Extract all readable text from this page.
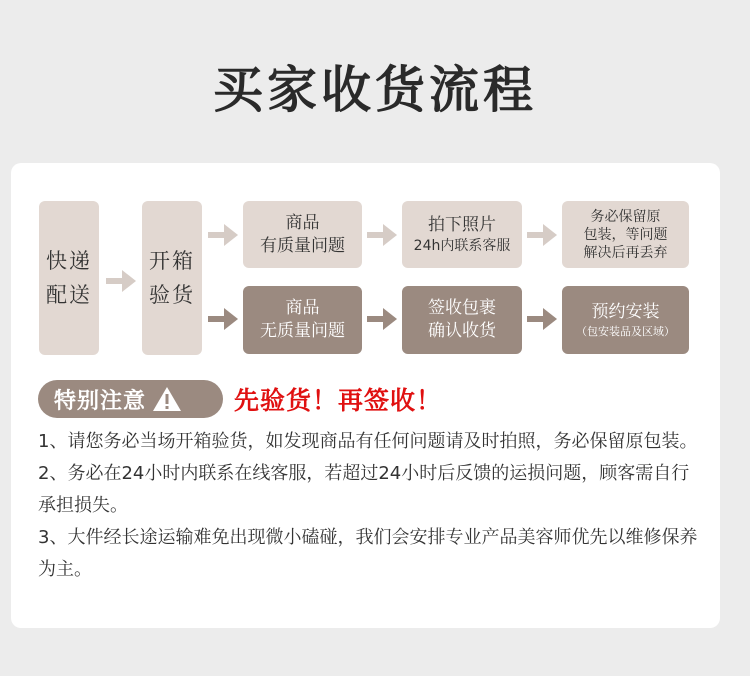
买家收货流程
快递
配送
开箱
验货
商品
有质量问题
拍下照片
24h内联系客服
务必保留原
包装，等问题
解决后再丢弃
商品
无质量问题
签收包裹
确认收货
预约安装
（包安装品及区域）
特别注意	先验货！再签收！

1、请您务必当场开箱验货，如发现商品有任何问题请及时拍照，务必保留原包装。

2、务必在24小时内联系在线客服，若超过24小时后反馈的运损问题，顾客需自行承担损失。

3、大件经长途运输难免出现微小磕碰，我们会安排专业产品美容师优先以维修保养为主。
